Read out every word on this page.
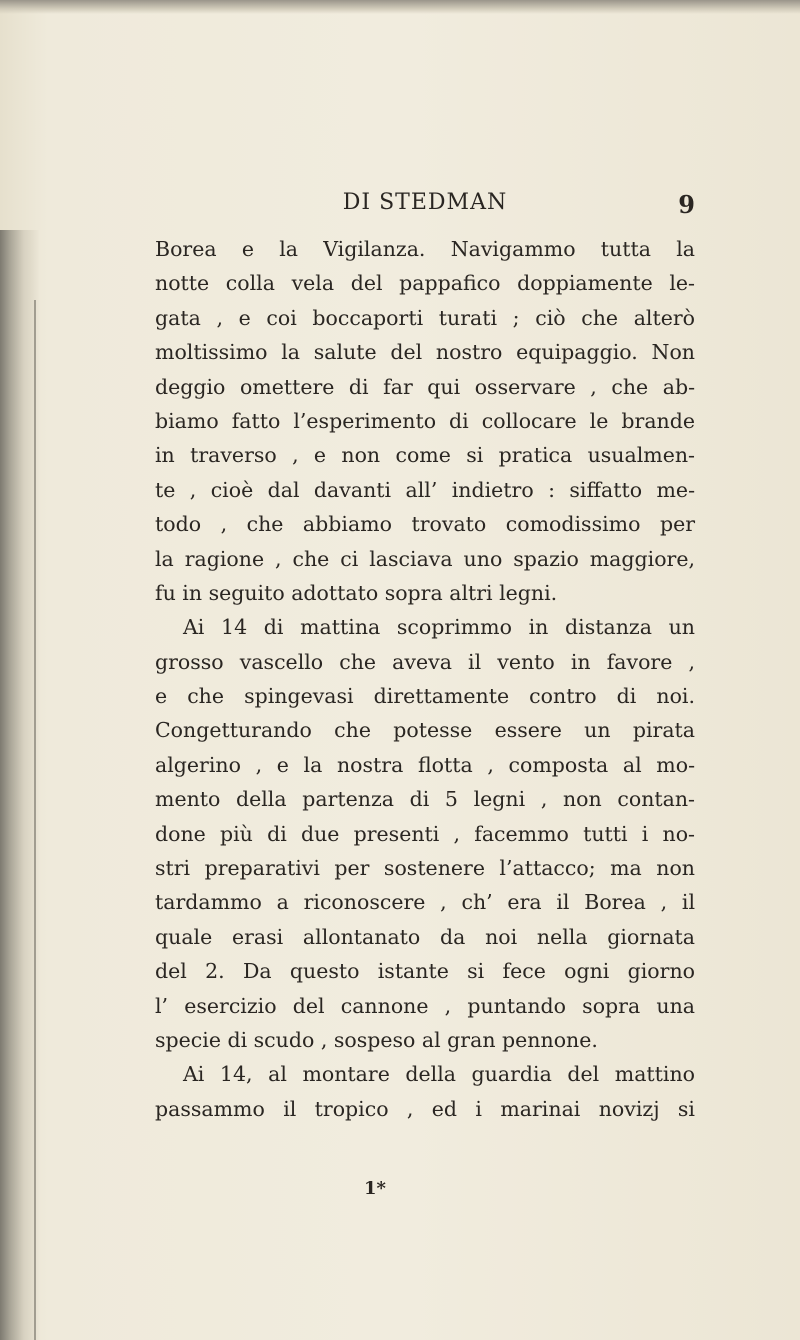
DI STEDMAN	9
Borea e la Vigilanza. Navigammo tutta la
notte colla vela del pappafico doppiamente le-
gata , e coi boccaporti turati ; ciò che alterò
moltissimo la salute del nostro equipaggio. Non
deggio omettere di far qui osservare , che ab-
biamo fatto l’esperimento di collocare le brande
in traverso , e non come si pratica usualmen-
te , cioè dal davanti all’ indietro : siffatto me-
todo , che abbiamo trovato comodissimo per
la ragione , che ci lasciava uno spazio maggiore,
fu in seguito adottato sopra altri legni.
Ai 14 di mattina scoprimmo in distanza un
grosso vascello che aveva il vento in favore ,
e che spingevasi direttamente contro di noi.
Congetturando che potesse essere un pirata
algerino , e la nostra flotta , composta al mo-
mento della partenza di 5 legni , non contan-
done più di due presenti , facemmo tutti i no-
stri preparativi per sostenere l’attacco; ma non
tardammo a riconoscere , ch’ era il Borea , il
quale erasi allontanato da noi nella giornata
del 2. Da questo istante si fece ogni giorno
l’ esercizio del cannone , puntando sopra una
specie di scudo , sospeso al gran pennone.
Ai 14, al montare della guardia del mattino
passammo il tropico , ed i marinai novizj si
1*
